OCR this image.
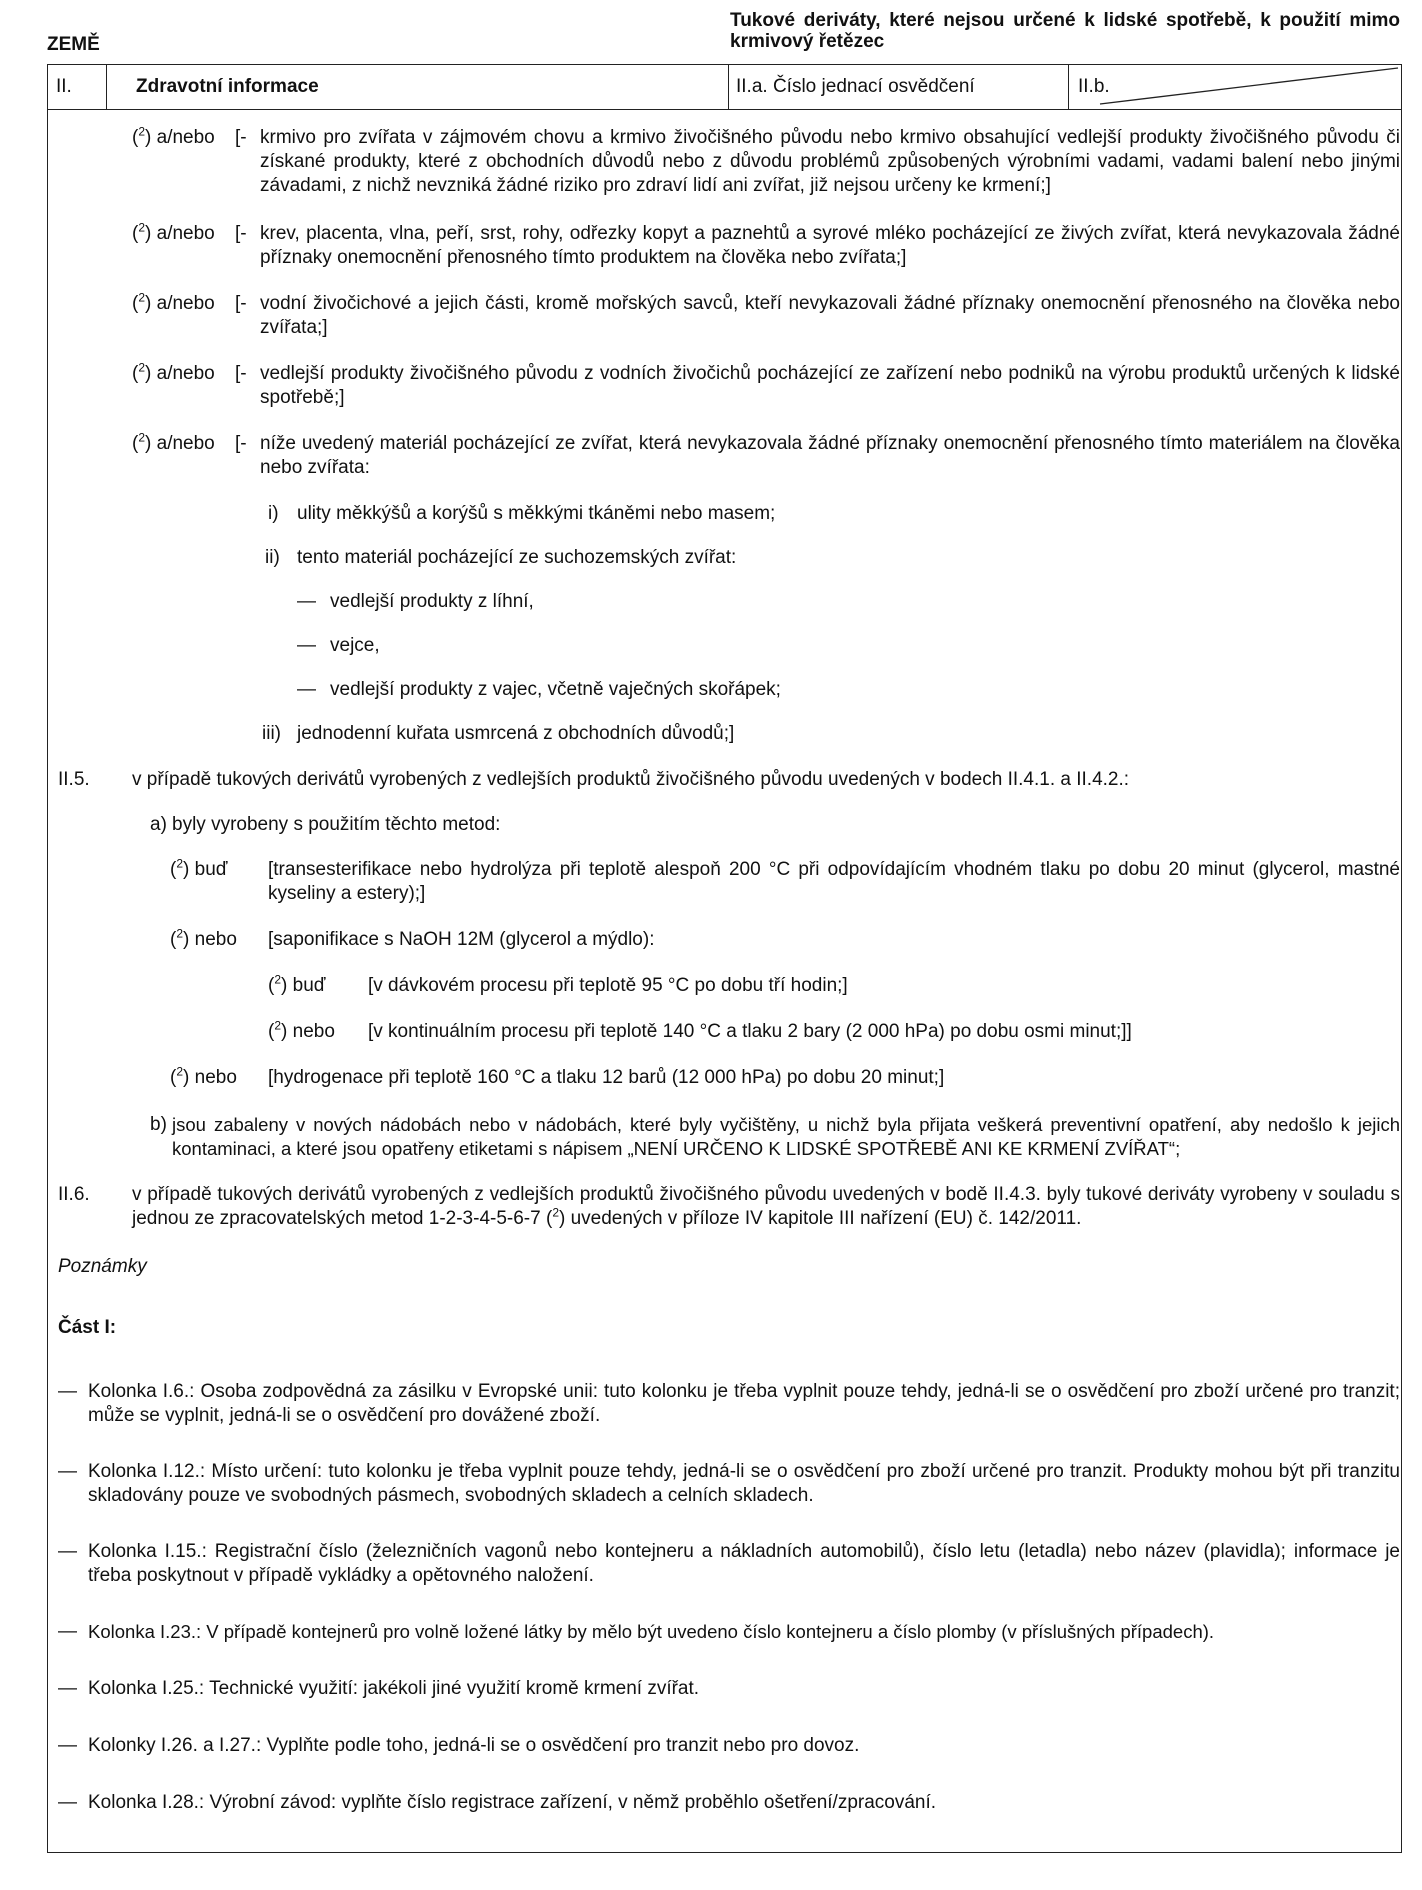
ZEMĚ
Tukové deriváty, které nejsou určené k lidské spotřebě, k použití mimo krmivový řetězec
II.	Zdravotní informace	II.a. Číslo jednací osvědčení	II.b.
($^2$) a/nebo [- krmivo pro zvířata v zájmovém chovu a krmivo živočišného původu nebo krmivo obsahující vedlejší produkty živočišného původu či získané produkty, které z obchodních důvodů nebo z důvodu problémů způsobených výrobními vadami, vadami balení nebo jinými závadami, z nichž nevzniká žádné riziko pro zdraví lidí ani zvířat, již nejsou určeny ke krmení;]
($^2$) a/nebo [- krev, placenta, vlna, peří, srst, rohy, odřezky kopyt a paznehtů a syrové mléko pocházející ze živých zvířat, která nevykazovala žádné příznaky onemocnění přenosného tímto produktem na člověka nebo zvířata;]
($^2$) a/nebo [- vodní živočichové a jejich části, kromě mořských savců, kteří nevykazovali žádné příznaky onemocnění přenosného na člověka nebo zvířata;]
($^2$) a/nebo [- vedlejší produkty živočišného původu z vodních živočichů pocházející ze zařízení nebo podniků na výrobu produktů určených k lidské spotřebě;]
($^2$) a/nebo [- níže uvedený materiál pocházející ze zvířat, která nevykazovala žádné příznaky onemocnění přenosného tímto materiálem na člověka nebo zvířata:
i) ulity měkkýšů a korýšů s měkkými tkáněmi nebo masem;
ii) tento materiál pocházející ze suchozemských zvířat:
— vedlejší produkty z líhní,
— vejce,
— vedlejší produkty z vajec, včetně vaječných skořápek;
iii) jednodenní kuřata usmrcená z obchodních důvodů;]
II.5. v případě tukových derivátů vyrobených z vedlejších produktů živočišného původu uvedených v bodech II.4.1. a II.4.2.:
a) byly vyrobeny s použitím těchto metod:
($^2$) buď [transesterifikace nebo hydrolýza při teplotě alespoň 200 °C při odpovídajícím vhodném tlaku po dobu 20 minut (glycerol, mastné kyseliny a estery);]
($^2$) nebo [saponifikace s NaOH 12M (glycerol a mýdlo):
($^2$) buď [v dávkovém procesu při teplotě 95 °C po dobu tří hodin;]
($^2$) nebo [v kontinuálním procesu při teplotě 140 °C a tlaku 2 bary (2 000 hPa) po dobu osmi minut;]]
($^2$) nebo [hydrogenace při teplotě 160 °C a tlaku 12 barů (12 000 hPa) po dobu 20 minut;]
b) jsou zabaleny v nových nádobách nebo v nádobách, které byly vyčištěny, u nichž byla přijata veškerá preventivní opatření, aby nedošlo k jejich kontaminaci, a které jsou opatřeny etiketami s nápisem „NENÍ URČENO K LIDSKÉ SPOTŘEBĚ ANI KE KRMENÍ ZVÍŘAT“;
II.6. v případě tukových derivátů vyrobených z vedlejších produktů živočišného původu uvedených v bodě II.4.3. byly tukové deriváty vyrobeny v souladu s jednou ze zpracovatelských metod 1-2-3-4-5-6-7 ($^2$) uvedených v příloze IV kapitole III nařízení (EU) č. 142/2011.
Poznámky
Část I:
— Kolonka I.6.: Osoba zodpovědná za zásilku v Evropské unii: tuto kolonku je třeba vyplnit pouze tehdy, jedná-li se o osvědčení pro zboží určené pro tranzit; může se vyplnit, jedná-li se o osvědčení pro dovážené zboží.
— Kolonka I.12.: Místo určení: tuto kolonku je třeba vyplnit pouze tehdy, jedná-li se o osvědčení pro zboží určené pro tranzit. Produkty mohou být při tranzitu skladovány pouze ve svobodných pásmech, svobodných skladech a celních skladech.
— Kolonka I.15.: Registrační číslo (železničních vagonů nebo kontejneru a nákladních automobilů), číslo letu (letadla) nebo název (plavidla); informace je třeba poskytnout v případě vykládky a opětovného naložení.
— Kolonka I.23.: V případě kontejnerů pro volně ložené látky by mělo být uvedeno číslo kontejneru a číslo plomby (v příslušných případech).
— Kolonka I.25.: Technické využití: jakékoli jiné využití kromě krmení zvířat.
— Kolonky I.26. a I.27.: Vyplňte podle toho, jedná-li se o osvědčení pro tranzit nebo pro dovoz.
— Kolonka I.28.: Výrobní závod: vyplňte číslo registrace zařízení, v němž proběhlo ošetření/zpracování.
